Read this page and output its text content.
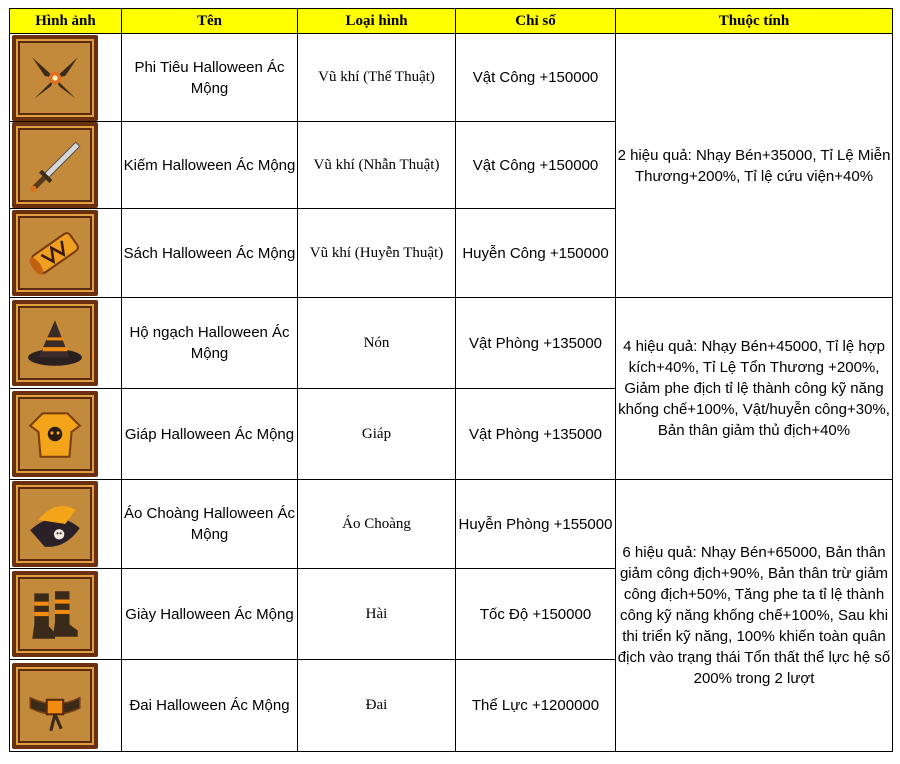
Hình ảnh	Tên	Loại hình	Chỉ số	Thuộc tính

	Phi Tiêu Halloween Ác Mộng	Vũ khí (Thể Thuật)	Vật Công +150000	2 hiệu quả: Nhạy Bén+35000, Tỉ Lệ Miễn Thương+200%, Tỉ lệ cứu viện+40%

	Kiếm Halloween Ác Mộng	Vũ khí (Nhẫn Thuật)	Vật Công +150000	

	Sách Halloween Ác Mộng	Vũ khí (Huyễn Thuật)	Huyễn Công +150000	

	Hộ ngạch Halloween Ác Mộng	Nón	Vật Phòng +135000	4 hiệu quả: Nhạy Bén+45000, Tỉ lệ hợp kích+40%, Tỉ Lệ Tổn Thương +200%, Giảm phe địch tỉ lệ thành công kỹ năng khống chế+100%, Vật/huyễn công+30%, Bản thân giảm thủ địch+40%

	Giáp Halloween Ác Mộng	Giáp	Vật Phòng +135000	

	Áo Choàng Halloween Ác Mộng	Áo Choàng	Huyễn Phòng +155000	6 hiệu quả: Nhạy Bén+65000, Bản thân giảm công địch+90%, Bản thân trừ giảm công địch+50%, Tăng phe ta tỉ lệ thành công kỹ năng khống chế+100%, Sau khi thi triển kỹ năng, 100% khiến toàn quân địch vào trạng thái Tổn thất thể lực hệ số 200% trong 2 lượt

	Giày Halloween Ác Mộng	Hài	Tốc Độ +150000	

	Đai Halloween Ác Mộng	Đai	Thể Lực +1200000	
